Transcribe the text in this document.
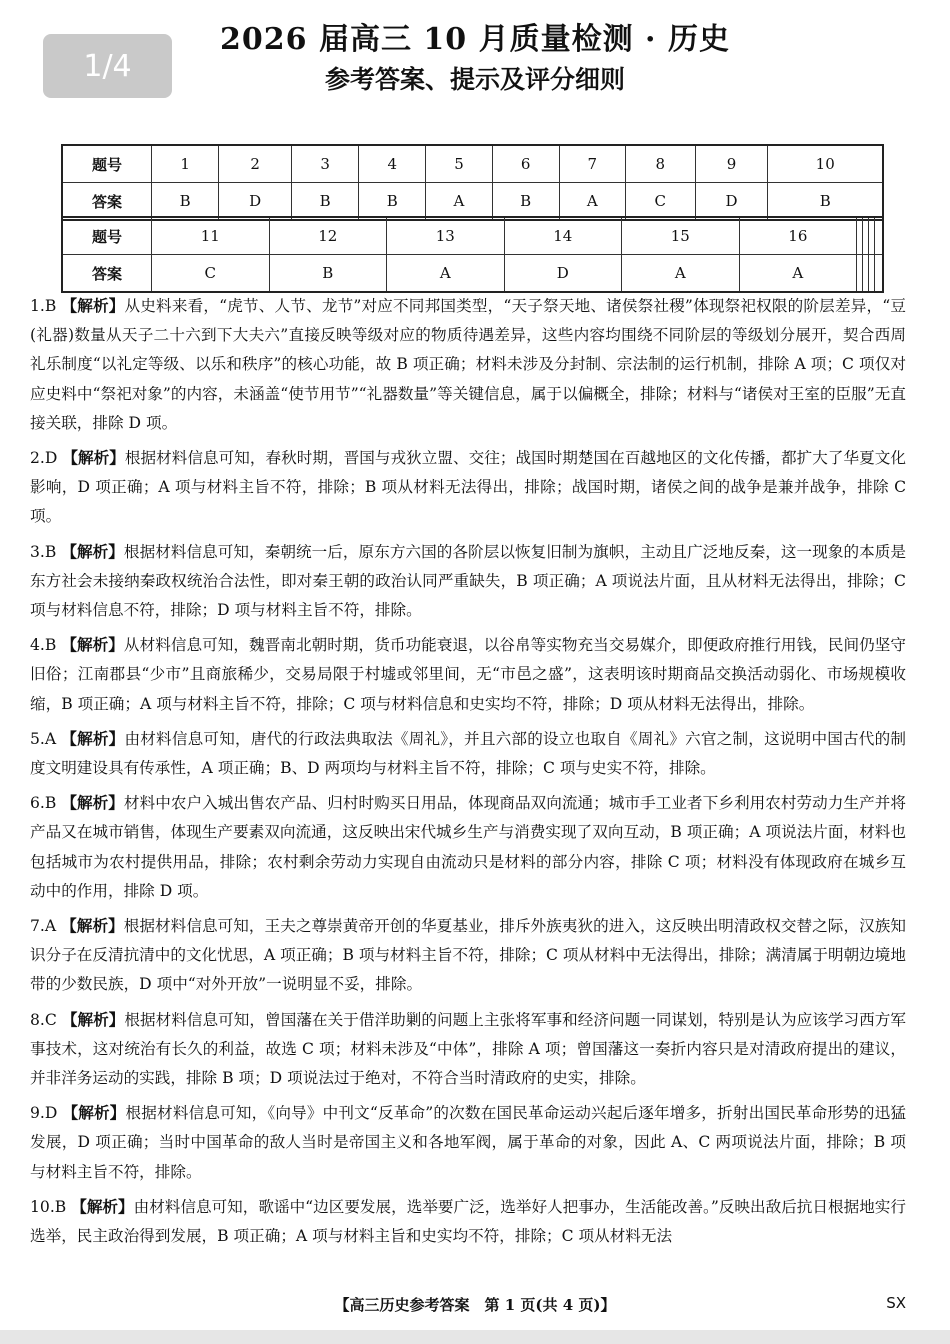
1/4
2026 届高三 10 月质量检测 · 历史
参考答案、提示及评分细则
题号	1	2	3	4	5	6	7	8	9	10
答案	B	D	B	B	A	B	A	C	D	B
题号	11	12	13	14	15	16				
答案	C	B	A	D	A	A				

1.B 【解析】从史料来看，“虎节、人节、龙节”对应不同邦国类型，“天子祭天地、诸侯祭社稷”体现祭祀权限的阶层差异，“豆(礼器)数量从天子二十六到下大夫六”直接反映等级对应的物质待遇差异，这些内容均围绕不同阶层的等级划分展开，契合西周礼乐制度“以礼定等级、以乐和秩序”的核心功能，故 B 项正确；材料未涉及分封制、宗法制的运行机制，排除 A 项；C 项仅对应史料中“祭祀对象”的内容，未涵盖“使节用节”“礼器数量”等关键信息，属于以偏概全，排除；材料与“诸侯对王室的臣服”无直接关联，排除 D 项。

2.D 【解析】根据材料信息可知，春秋时期，晋国与戎狄立盟、交往；战国时期楚国在百越地区的文化传播，都扩大了华夏文化影响，D 项正确；A 项与材料主旨不符，排除；B 项从材料无法得出，排除；战国时期，诸侯之间的战争是兼并战争，排除 C 项。

3.B 【解析】根据材料信息可知，秦朝统一后，原东方六国的各阶层以恢复旧制为旗帜，主动且广泛地反秦，这一现象的本质是东方社会未接纳秦政权统治合法性，即对秦王朝的政治认同严重缺失，B 项正确；A 项说法片面，且从材料无法得出，排除；C 项与材料信息不符，排除；D 项与材料主旨不符，排除。

4.B 【解析】从材料信息可知，魏晋南北朝时期，货币功能衰退，以谷帛等实物充当交易媒介，即便政府推行用钱，民间仍坚守旧俗；江南郡县“少市”且商旅稀少，交易局限于村墟或邻里间，无“市邑之盛”，这表明该时期商品交换活动弱化、市场规模收缩，B 项正确；A 项与材料主旨不符，排除；C 项与材料信息和史实均不符，排除；D 项从材料无法得出，排除。

5.A 【解析】由材料信息可知，唐代的行政法典取法《周礼》，并且六部的设立也取自《周礼》六官之制，这说明中国古代的制度文明建设具有传承性，A 项正确；B、D 两项均与材料主旨不符，排除；C 项与史实不符，排除。

6.B 【解析】材料中农户入城出售农产品、归村时购买日用品，体现商品双向流通；城市手工业者下乡利用农村劳动力生产并将产品又在城市销售，体现生产要素双向流通，这反映出宋代城乡生产与消费实现了双向互动，B 项正确；A 项说法片面，材料也包括城市为农村提供用品，排除；农村剩余劳动力实现自由流动只是材料的部分内容，排除 C 项；材料没有体现政府在城乡互动中的作用，排除 D 项。

7.A 【解析】根据材料信息可知，王夫之尊崇黄帝开创的华夏基业，排斥外族夷狄的进入，这反映出明清政权交替之际，汉族知识分子在反清抗清中的文化忧思，A 项正确；B 项与材料主旨不符，排除；C 项从材料中无法得出，排除；满清属于明朝边境地带的少数民族，D 项中“对外开放”一说明显不妥，排除。

8.C 【解析】根据材料信息可知，曾国藩在关于借洋助剿的问题上主张将军事和经济问题一同谋划，特别是认为应该学习西方军事技术，这对统治有长久的利益，故选 C 项；材料未涉及“中体”，排除 A 项；曾国藩这一奏折内容只是对清政府提出的建议，并非洋务运动的实践，排除 B 项；D 项说法过于绝对，不符合当时清政府的史实，排除。

9.D 【解析】根据材料信息可知，《向导》中刊文“反革命”的次数在国民革命运动兴起后逐年增多，折射出国民革命形势的迅猛发展，D 项正确；当时中国革命的敌人当时是帝国主义和各地军阀，属于革命的对象，因此 A、C 两项说法片面，排除；B 项与材料主旨不符，排除。

10.B 【解析】由材料信息可知，歌谣中“边区要发展，选举要广泛，选举好人把事办，生活能改善。”反映出敌后抗日根据地实行选举，民主政治得到发展，B 项正确；A 项与材料主旨和史实均不符，排除；C 项从材料无法

【高三历史参考答案　第 1 页(共 4 页)】	SX
